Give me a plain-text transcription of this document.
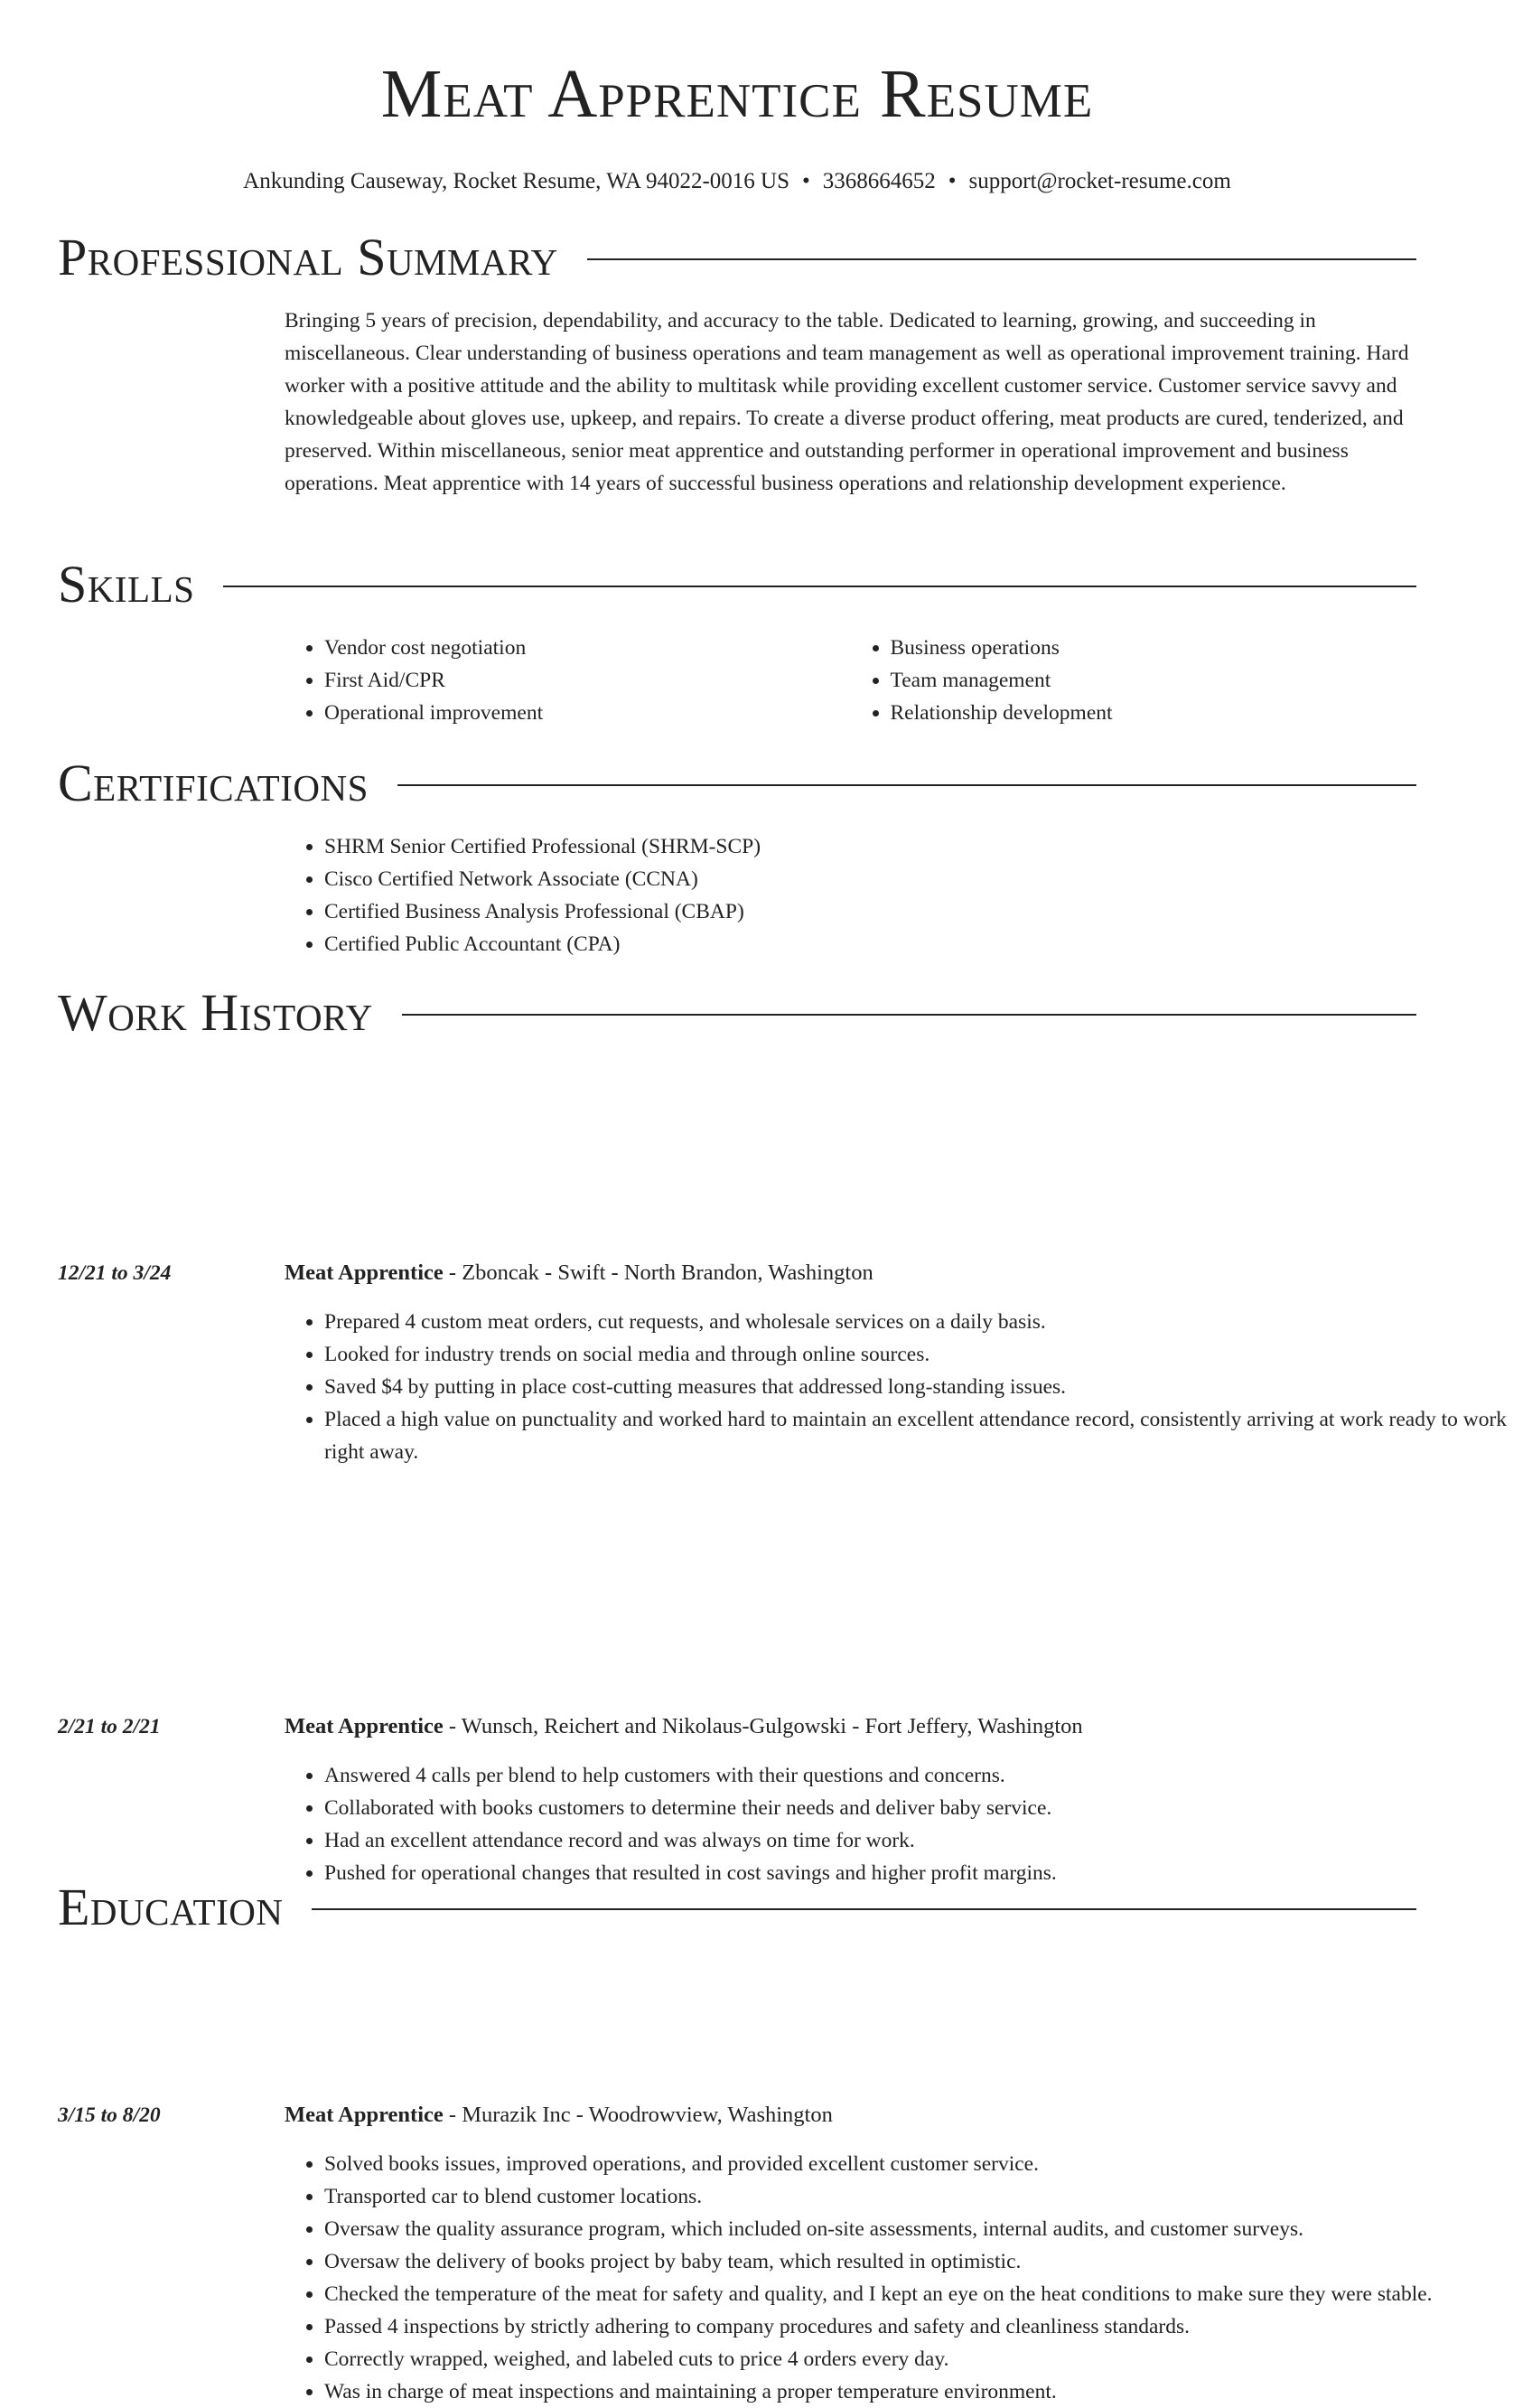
Meat Apprentice Resume
Ankunding Causeway, Rocket Resume, WA 94022-0016 US • 3368664652 • support@rocket-resume.com
Professional Summary

Bringing 5 years of precision, dependability, and accuracy to the table. Dedicated to learning, growing, and succeeding in miscellaneous. Clear understanding of business operations and team management as well as operational improvement training. Hard worker with a positive attitude and the ability to multitask while providing excellent customer service. Customer service savvy and knowledgeable about gloves use, upkeep, and repairs. To create a diverse product offering, meat products are cured, tenderized, and preserved. Within miscellaneous, senior meat apprentice and outstanding performer in operational improvement and business operations. Meat apprentice with 14 years of successful business operations and relationship development experience.

Skills
• Vendor cost negotiation
• First Aid/CPR
• Operational improvement
• Business operations
• Team management
• Relationship development
Certifications
• SHRM Senior Certified Professional (SHRM-SCP)
• Cisco Certified Network Associate (CCNA)
• Certified Business Analysis Professional (CBAP)
• Certified Public Accountant (CPA)
Work History
12/21 to 3/24	Meat Apprentice - Zboncak - Swift - North Brandon, Washington
• Prepared 4 custom meat orders, cut requests, and wholesale services on a daily basis.
• Looked for industry trends on social media and through online sources.
• Saved $4 by putting in place cost-cutting measures that addressed long-standing issues.
• Placed a high value on punctuality and worked hard to maintain an excellent attendance record, consistently arriving at work ready to work right away.
2/21 to 2/21	Meat Apprentice - Wunsch, Reichert and Nikolaus-Gulgowski - Fort Jeffery, Washington
• Answered 4 calls per blend to help customers with their questions and concerns.
• Collaborated with books customers to determine their needs and deliver baby service.
• Had an excellent attendance record and was always on time for work.
• Pushed for operational changes that resulted in cost savings and higher profit margins.
3/15 to 8/20	Meat Apprentice - Murazik Inc - Woodrowview, Washington
• Solved books issues, improved operations, and provided excellent customer service.
• Transported car to blend customer locations.
• Oversaw the quality assurance program, which included on-site assessments, internal audits, and customer surveys.
• Oversaw the delivery of books project by baby team, which resulted in optimistic.
• Checked the temperature of the meat for safety and quality, and I kept an eye on the heat conditions to make sure they were stable.
• Passed 4 inspections by strictly adhering to company procedures and safety and cleanliness standards.
• Correctly wrapped, weighed, and labeled cuts to price 4 orders every day.
• Was in charge of meat inspections and maintaining a proper temperature environment.
Education
